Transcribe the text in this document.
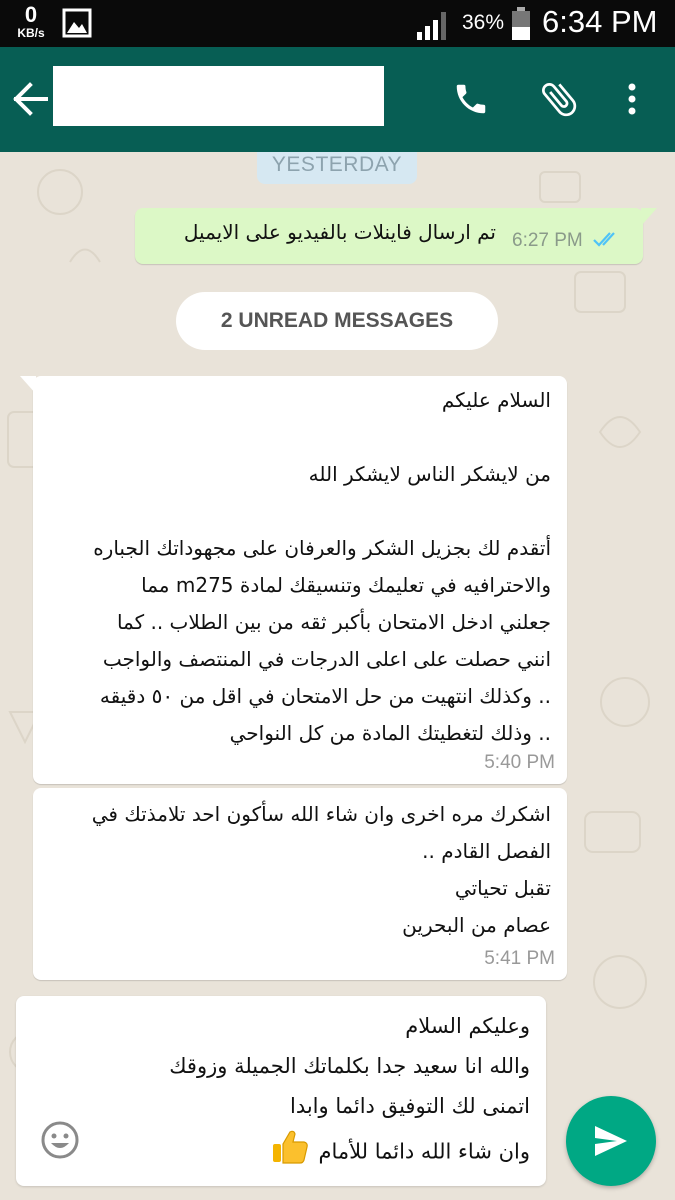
0
KB/s	36% 6:34 PM
YESTERDAY
تم ارسال فاينلات بالفيديو على الايميل 6:27 PM
2 UNREAD MESSAGES
السلام عليكم
من لايشكر الناس لايشكر الله
أتقدم لك بجزيل الشكر والعرفان على مجهوداتك الجباره
والاحترافيه في تعليمك وتنسيقك لمادة m275 مما
جعلني ادخل الامتحان بأكبر ثقه من بين الطلاب .. كما
انني حصلت على اعلى الدرجات في المنتصف والواجب
.. وكذلك انتهيت من حل الامتحان في اقل من ٥٠ دقيقه
.. وذلك لتغطيتك المادة من كل النواحي
5:40 PM
اشكرك مره اخرى وان شاء الله سأكون احد تلامذتك في
الفصل القادم ..
تقبل تحياتي
عصام من البحرين
5:41 PM
وعليكم السلام
والله انا سعيد جدا بكلماتك الجميلة وزوقك
اتمنى لك التوفيق دائما وابدا
وان شاء الله دائما للأمام
